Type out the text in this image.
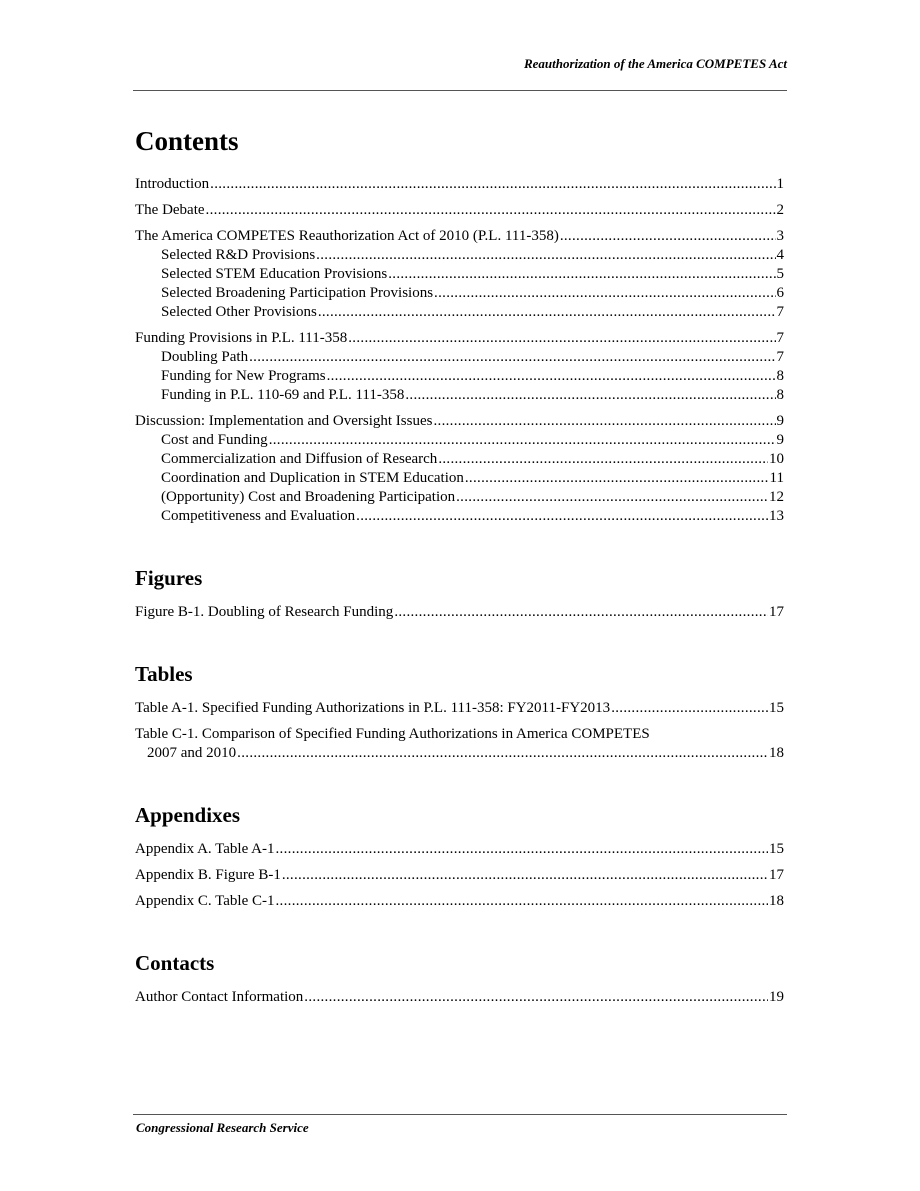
Reauthorization of the America COMPETES Act
Contents
Introduction .....	1
The Debate .....	2
The America COMPETES Reauthorization Act of 2010 (P.L. 111-358) .....	3
Selected R&D Provisions .....	4
Selected STEM Education Provisions .....	5
Selected Broadening Participation Provisions .....	6
Selected Other Provisions .....	7
Funding Provisions in P.L. 111-358 .....	7
Doubling Path .....	7
Funding for New Programs .....	8
Funding in P.L. 110-69 and P.L. 111-358 .....	8
Discussion: Implementation and Oversight Issues .....	9
Cost and Funding .....	9
Commercialization and Diffusion of Research .....	10
Coordination and Duplication in STEM Education .....	11
(Opportunity) Cost and Broadening Participation .....	12
Competitiveness and Evaluation .....	13
Figures
Figure B-1. Doubling of Research Funding .....	17
Tables
Table A-1. Specified Funding Authorizations in P.L. 111-358: FY2011-FY2013 .....	15
Table C-1. Comparison of Specified Funding Authorizations in America COMPETES
2007 and 2010 .....	18
Appendixes
Appendix A. Table A-1 .....	15
Appendix B. Figure B-1 .....	17
Appendix C. Table C-1 .....	18
Contacts
Author Contact Information .....	19
Congressional Research Service
